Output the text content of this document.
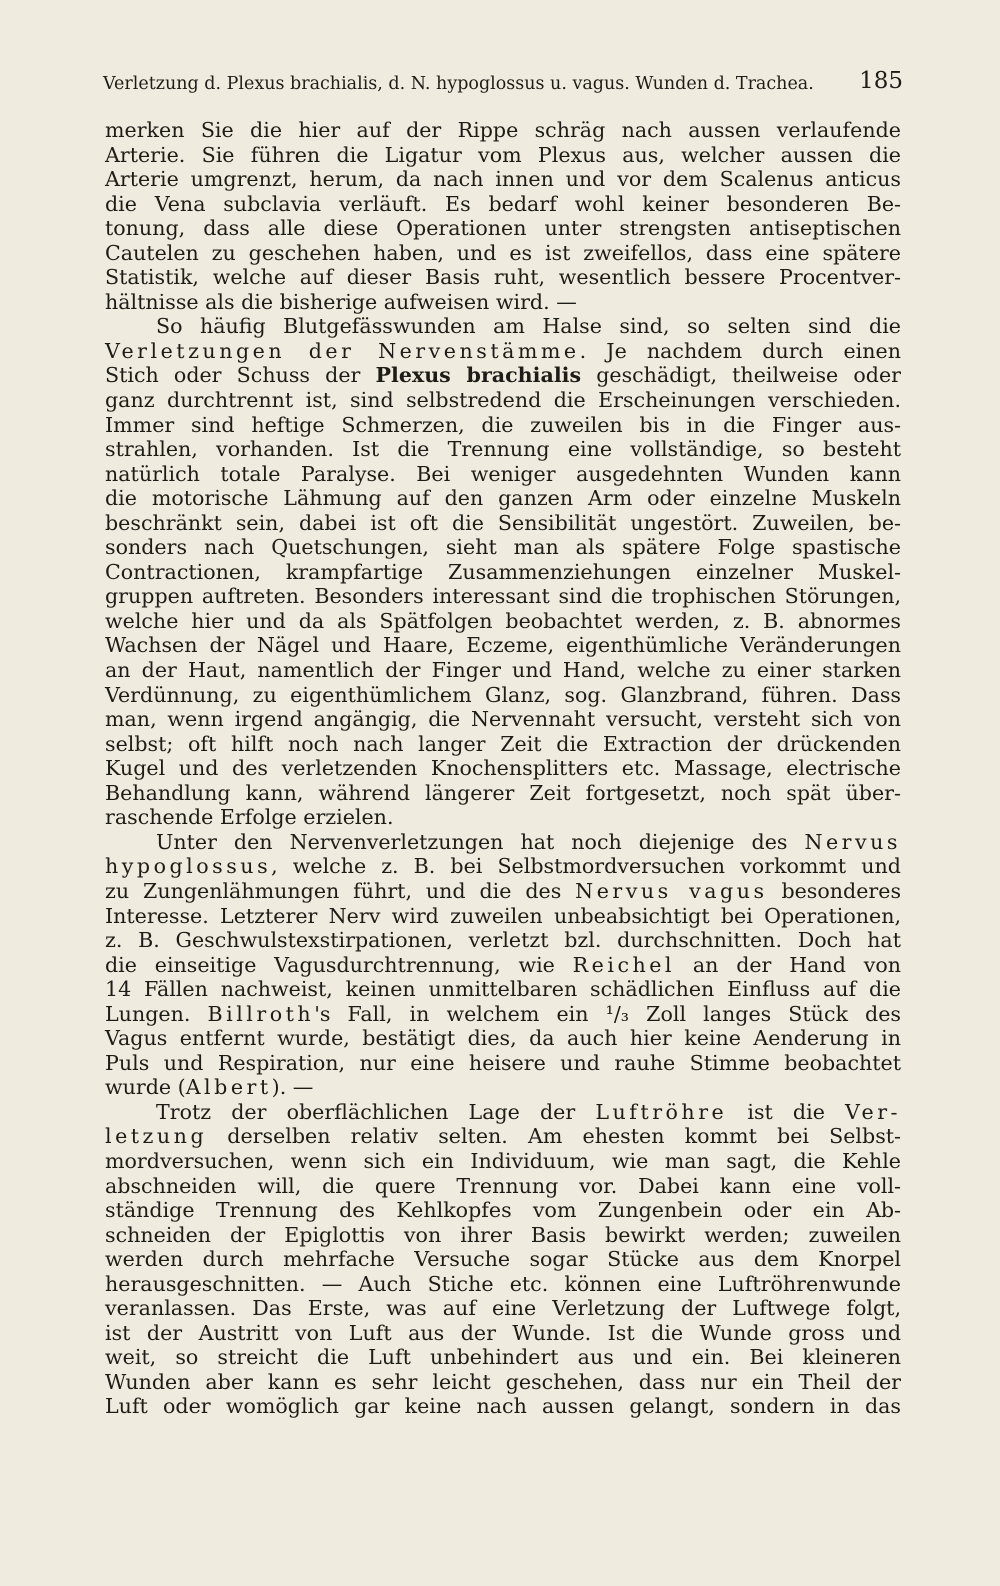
Verletzung d. Plexus brachialis, d. N. hypoglossus u. vagus. Wunden d. Trachea. 185
merken Sie die hier auf der Rippe schräg nach aussen verlaufende
Arterie. Sie führen die Ligatur vom Plexus aus, welcher aussen die
Arterie umgrenzt, herum, da nach innen und vor dem Scalenus anticus
die Vena subclavia verläuft. Es bedarf wohl keiner besonderen Be-
tonung, dass alle diese Operationen unter strengsten antiseptischen
Cautelen zu geschehen haben, und es ist zweifellos, dass eine spätere
Statistik, welche auf dieser Basis ruht, wesentlich bessere Procentver-
hältnisse als die bisherige aufweisen wird. —
So häufig Blutgefässwunden am Halse sind, so selten sind die
Verletzungen der Nervenstämme. Je nachdem durch einen
Stich oder Schuss der Plexus brachialis geschädigt, theilweise oder
ganz durchtrennt ist, sind selbstredend die Erscheinungen verschieden.
Immer sind heftige Schmerzen, die zuweilen bis in die Finger aus-
strahlen, vorhanden. Ist die Trennung eine vollständige, so besteht
natürlich totale Paralyse. Bei weniger ausgedehnten Wunden kann
die motorische Lähmung auf den ganzen Arm oder einzelne Muskeln
beschränkt sein, dabei ist oft die Sensibilität ungestört. Zuweilen, be-
sonders nach Quetschungen, sieht man als spätere Folge spastische
Contractionen, krampfartige Zusammenziehungen einzelner Muskel-
gruppen auftreten. Besonders interessant sind die trophischen Störungen,
welche hier und da als Spätfolgen beobachtet werden, z. B. abnormes
Wachsen der Nägel und Haare, Eczeme, eigenthümliche Veränderungen
an der Haut, namentlich der Finger und Hand, welche zu einer starken
Verdünnung, zu eigenthümlichem Glanz, sog. Glanzbrand, führen. Dass
man, wenn irgend angängig, die Nervennaht versucht, versteht sich von
selbst; oft hilft noch nach langer Zeit die Extraction der drückenden
Kugel und des verletzenden Knochensplitters etc. Massage, electrische
Behandlung kann, während längerer Zeit fortgesetzt, noch spät über-
raschende Erfolge erzielen.
Unter den Nervenverletzungen hat noch diejenige des Nervus
hypoglossus, welche z. B. bei Selbstmordversuchen vorkommt und
zu Zungenlähmungen führt, und die des Nervus vagus besonderes
Interesse. Letzterer Nerv wird zuweilen unbeabsichtigt bei Operationen,
z. B. Geschwulstexstirpationen, verletzt bzl. durchschnitten. Doch hat
die einseitige Vagusdurchtrennung, wie Reichel an der Hand von
14 Fällen nachweist, keinen unmittelbaren schädlichen Einfluss auf die
Lungen. Billroth's Fall, in welchem ein ¹/₃ Zoll langes Stück des
Vagus entfernt wurde, bestätigt dies, da auch hier keine Aenderung in
Puls und Respiration, nur eine heisere und rauhe Stimme beobachtet
wurde (Albert). —
Trotz der oberflächlichen Lage der Luftröhre ist die Ver-
letzung derselben relativ selten. Am ehesten kommt bei Selbst-
mordversuchen, wenn sich ein Individuum, wie man sagt, die Kehle
abschneiden will, die quere Trennung vor. Dabei kann eine voll-
ständige Trennung des Kehlkopfes vom Zungenbein oder ein Ab-
schneiden der Epiglottis von ihrer Basis bewirkt werden; zuweilen
werden durch mehrfache Versuche sogar Stücke aus dem Knorpel
herausgeschnitten. — Auch Stiche etc. können eine Luftröhrenwunde
veranlassen. Das Erste, was auf eine Verletzung der Luftwege folgt,
ist der Austritt von Luft aus der Wunde. Ist die Wunde gross und
weit, so streicht die Luft unbehindert aus und ein. Bei kleineren
Wunden aber kann es sehr leicht geschehen, dass nur ein Theil der
Luft oder womöglich gar keine nach aussen gelangt, sondern in das
